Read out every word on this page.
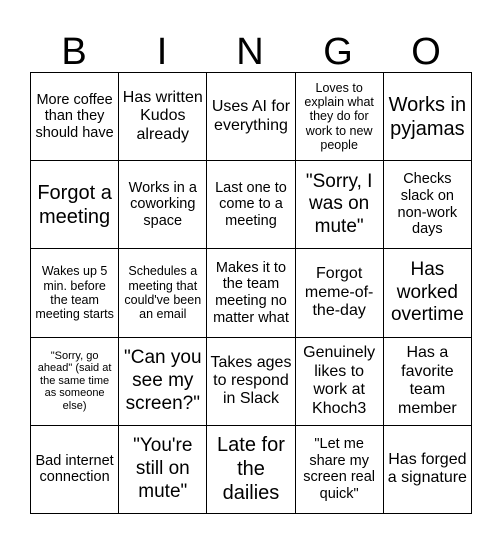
B	I	N	G	O
More coffee than they should have	Has written Kudos already	Uses AI for everything	Loves to explain what they do for work to new people	Works in pyjamas

Forgot a meeting	Works in a coworking space	Last one to come to a meeting	"Sorry, I was on mute"	Checks slack on non-work days

Wakes up 5 min. before the team meeting starts	Schedules a meeting that could've been an email	Makes it to the team meeting no matter what	Forgot meme-of-the-day	Has worked overtime

"Sorry, go ahead" (said at the same time as someone else)	"Can you see my screen?"	Takes ages to respond in Slack	Genuinely likes to work at Khoch3	Has a favorite team member

Bad internet connection	"You're still on mute"	Late for the dailies	"Let me share my screen real quick"	Has forged a signature
